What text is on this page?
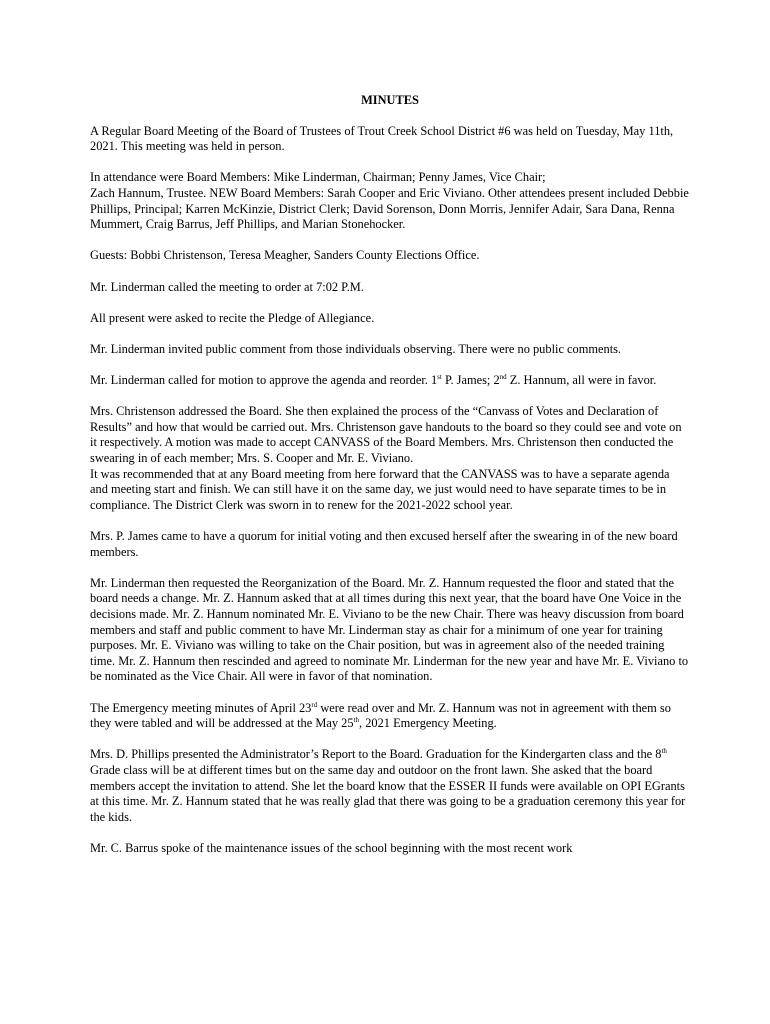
MINUTES

A Regular Board Meeting of the Board of Trustees of Trout Creek School District #6 was held on Tuesday, May 11th, 2021. This meeting was held in person.

In attendance were Board Members: Mike Linderman, Chairman; Penny James, Vice Chair;
Zach Hannum, Trustee. NEW Board Members: Sarah Cooper and Eric Viviano. Other attendees present included Debbie Phillips, Principal; Karren McKinzie, District Clerk; David Sorenson, Donn Morris, Jennifer Adair, Sara Dana, Renna Mummert, Craig Barrus, Jeff Phillips, and Marian Stonehocker.

Guests: Bobbi Christenson, Teresa Meagher, Sanders County Elections Office.

Mr. Linderman called the meeting to order at 7:02 P.M.

All present were asked to recite the Pledge of Allegiance.

Mr. Linderman invited public comment from those individuals observing. There were no public comments.

Mr. Linderman called for motion to approve the agenda and reorder. 1st P. James; 2nd Z. Hannum, all were in favor.

Mrs. Christenson addressed the Board. She then explained the process of the “Canvass of Votes and Declaration of Results” and how that would be carried out. Mrs. Christenson gave handouts to the board so they could see and vote on it respectively. A motion was made to accept CANVASS of the Board Members. Mrs. Christenson then conducted the swearing in of each member; Mrs. S. Cooper and Mr. E. Viviano.

It was recommended that at any Board meeting from here forward that the CANVASS was to have a separate agenda and meeting start and finish. We can still have it on the same day, we just would need to have separate times to be in compliance. The District Clerk was sworn in to renew for the 2021-2022 school year.

Mrs. P. James came to have a quorum for initial voting and then excused herself after the swearing in of the new board members.

Mr. Linderman then requested the Reorganization of the Board. Mr. Z. Hannum requested the floor and stated that the board needs a change. Mr. Z. Hannum asked that at all times during this next year, that the board have One Voice in the decisions made. Mr. Z. Hannum nominated Mr. E. Viviano to be the new Chair. There was heavy discussion from board members and staff and public comment to have Mr. Linderman stay as chair for a minimum of one year for training purposes. Mr. E. Viviano was willing to take on the Chair position, but was in agreement also of the needed training time. Mr. Z. Hannum then rescinded and agreed to nominate Mr. Linderman for the new year and have Mr. E. Viviano to be nominated as the Vice Chair. All were in favor of that nomination.

The Emergency meeting minutes of April 23rd were read over and Mr. Z. Hannum was not in agreement with them so they were tabled and will be addressed at the May 25th, 2021 Emergency Meeting.

Mrs. D. Phillips presented the Administrator’s Report to the Board. Graduation for the Kindergarten class and the 8th Grade class will be at different times but on the same day and outdoor on the front lawn. She asked that the board members accept the invitation to attend. She let the board know that the ESSER II funds were available on OPI EGrants at this time. Mr. Z. Hannum stated that he was really glad that there was going to be a graduation ceremony this year for the kids.

Mr. C. Barrus spoke of the maintenance issues of the school beginning with the most recent work
